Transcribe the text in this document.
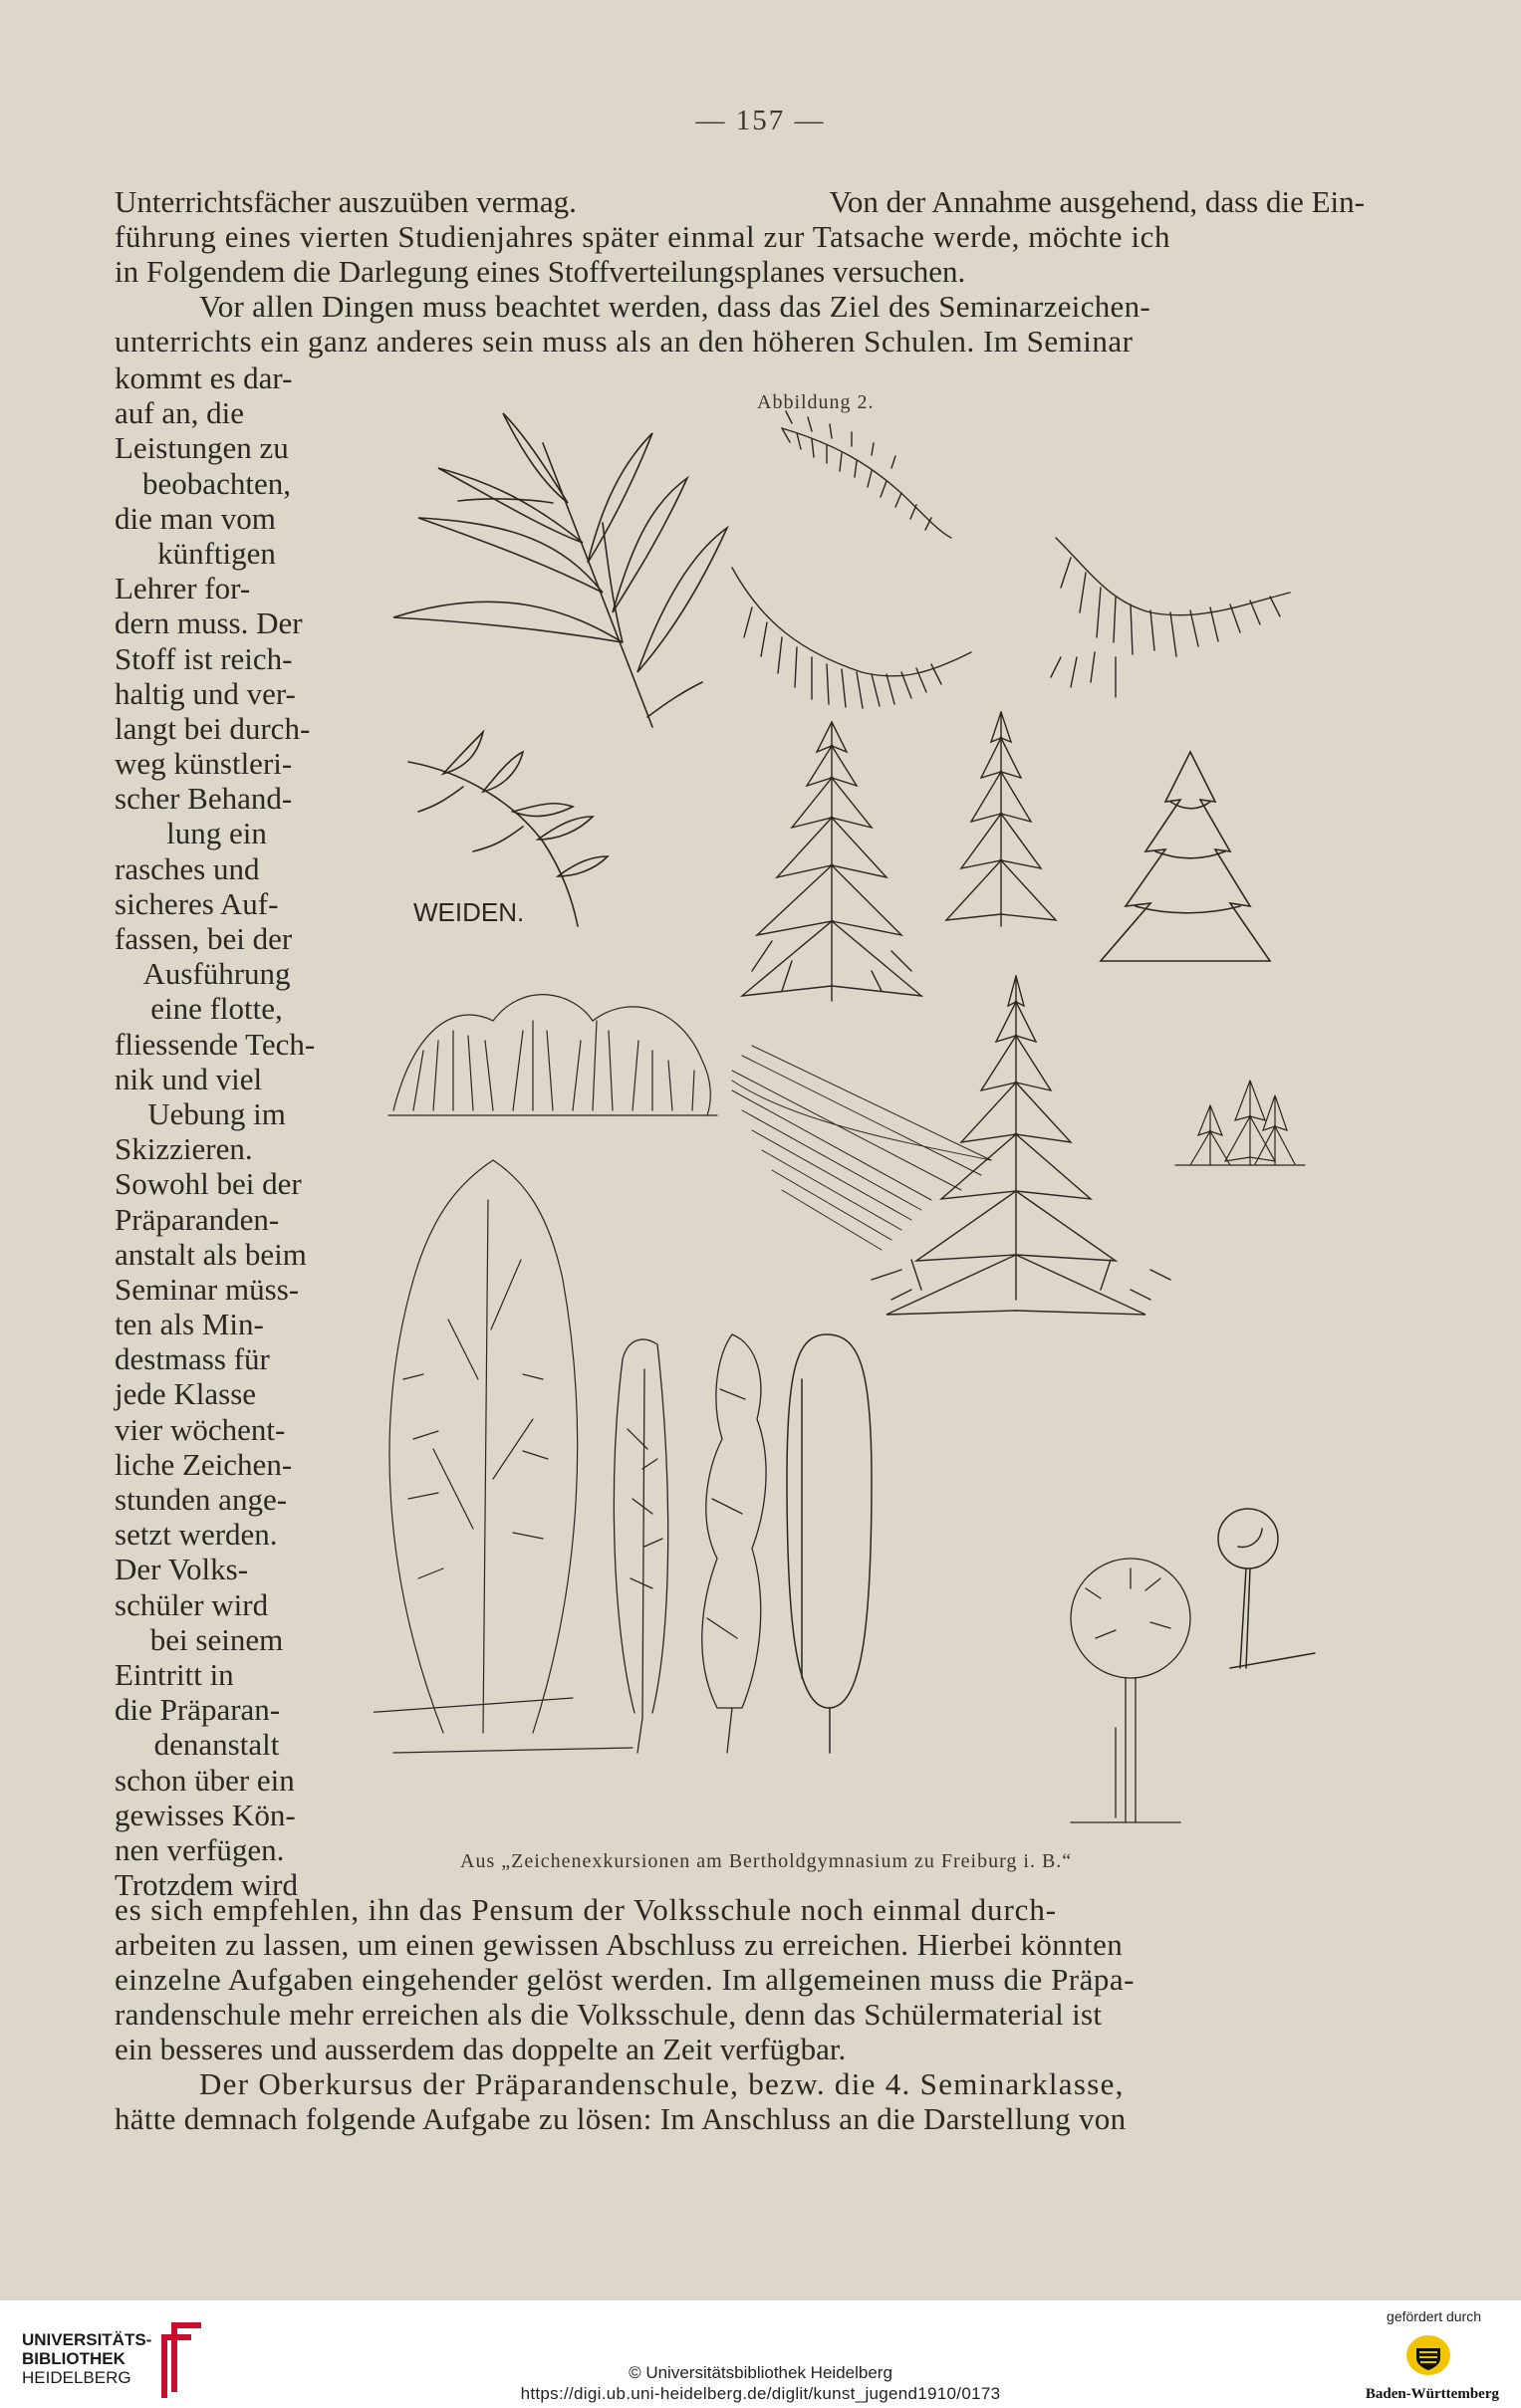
— 157 —
Unterrichtsfächer auszuüben vermag.	Von der Annahme ausgehend, dass die Ein-
führung eines vierten Studienjahres später einmal zur Tatsache werde, möchte ich
in Folgendem die Darlegung eines Stoffverteilungsplanes versuchen.
Vor allen Dingen muss beachtet werden, dass das Ziel des Seminarzeichen-
unterrichts ein ganz anderes sein muss als an den höheren Schulen. Im Seminar
kommt es dar-
auf an, die
Leistungen zu
beobachten,
die man vom
künftigen
Lehrer for-
dern muss. Der
Stoff ist reich-
haltig und ver-
langt bei durch-
weg künstleri-
scher Behand-
lung ein
rasches und
sicheres Auf-
fassen, bei der
Ausführung
eine flotte,
fliessende Tech-
nik und viel
Uebung im
Skizzieren.
Sowohl bei der
Präparanden-
anstalt als beim
Seminar müss-
ten als Min-
destmass für
jede Klasse
vier wöchent-
liche Zeichen-
stunden ange-
setzt werden.
Der Volks-
schüler wird
bei seinem
Eintritt in
die Präparan-
denanstalt
schon über ein
gewisses Kön-
nen verfügen.
Trotzdem wird
Abbildung 2.
WEIDEN.
Aus „Zeichenexkursionen am Bertholdgymnasium zu Freiburg i. B.“
es sich empfehlen, ihn das Pensum der Volksschule noch einmal durch-
arbeiten zu lassen, um einen gewissen Abschluss zu erreichen. Hierbei könnten
einzelne Aufgaben eingehender gelöst werden. Im allgemeinen muss die Präpa-
randenschule mehr erreichen als die Volksschule, denn das Schülermaterial ist
ein besseres und ausserdem das doppelte an Zeit verfügbar.
Der Oberkursus der Präparandenschule, bezw. die 4. Seminarklasse,
hätte demnach folgende Aufgabe zu lösen: Im Anschluss an die Darstellung von
UNIVERSITÄTS-
BIBLIOTHEK
HEIDELBERG	© Universitätsbibliothek Heidelberg
https://digi.ub.uni-heidelberg.de/diglit/kunst_jugend1910/0173
gefördert durch
Baden-Württemberg
